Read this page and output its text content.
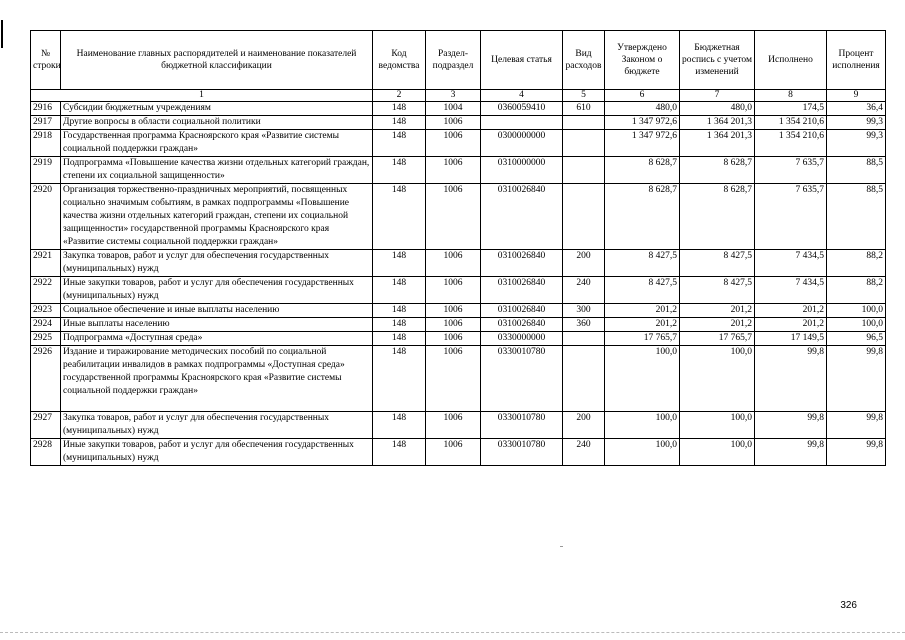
№ строки	Наименование главных распорядителей и наименование показателей бюджетной классификации	Код ведомства	Раздел-подраздел	Целевая статья	Вид расходов	Утверждено Законом о бюджете	Бюджетная роспись с учетом изменений	Исполнено	Процент исполнения
1		2	3	4	5	6	7	8	9
2916	Субсидии бюджетным учреждениям	148	1004	0360059410	610	480,0	480,0	174,5	36,4
2917	Другие вопросы в области социальной политики	148	1006			1 347 972,6	1 364 201,3	1 354 210,6	99,3
2918	Государственная программа Красноярского края «Развитие системы социальной поддержки граждан»	148	1006	0300000000		1 347 972,6	1 364 201,3	1 354 210,6	99,3
2919	Подпрограмма «Повышение качества жизни отдельных категорий граждан, степени их социальной защищенности»	148	1006	0310000000		8 628,7	8 628,7	7 635,7	88,5
2920	Организация торжественно-праздничных мероприятий, посвященных социально значимым событиям, в рамках подпрограммы «Повышение качества жизни отдельных категорий граждан, степени их социальной защищенности» государственной программы Красноярского края «Развитие системы социальной поддержки граждан»	148	1006	0310026840		8 628,7	8 628,7	7 635,7	88,5
2921	Закупка товаров, работ и услуг для обеспечения государственных (муниципальных) нужд	148	1006	0310026840	200	8 427,5	8 427,5	7 434,5	88,2
2922	Иные закупки товаров, работ и услуг для обеспечения государственных (муниципальных) нужд	148	1006	0310026840	240	8 427,5	8 427,5	7 434,5	88,2
2923	Социальное обеспечение и иные выплаты населению	148	1006	0310026840	300	201,2	201,2	201,2	100,0
2924	Иные выплаты населению	148	1006	0310026840	360	201,2	201,2	201,2	100,0
2925	Подпрограмма «Доступная среда»	148	1006	0330000000		17 765,7	17 765,7	17 149,5	96,5
2926	Издание и тиражирование методических пособий по социальной реабилитации инвалидов в рамках подпрограммы «Доступная среда» государственной программы Красноярского края «Развитие системы социальной поддержки граждан»	148	1006	0330010780		100,0	100,0	99,8	99,8
2927	Закупка товаров, работ и услуг для обеспечения государственных (муниципальных) нужд	148	1006	0330010780	200	100,0	100,0	99,8	99,8
2928	Иные закупки товаров, работ и услуг для обеспечения государственных (муниципальных) нужд	148	1006	0330010780	240	100,0	100,0	99,8	99,8
326
